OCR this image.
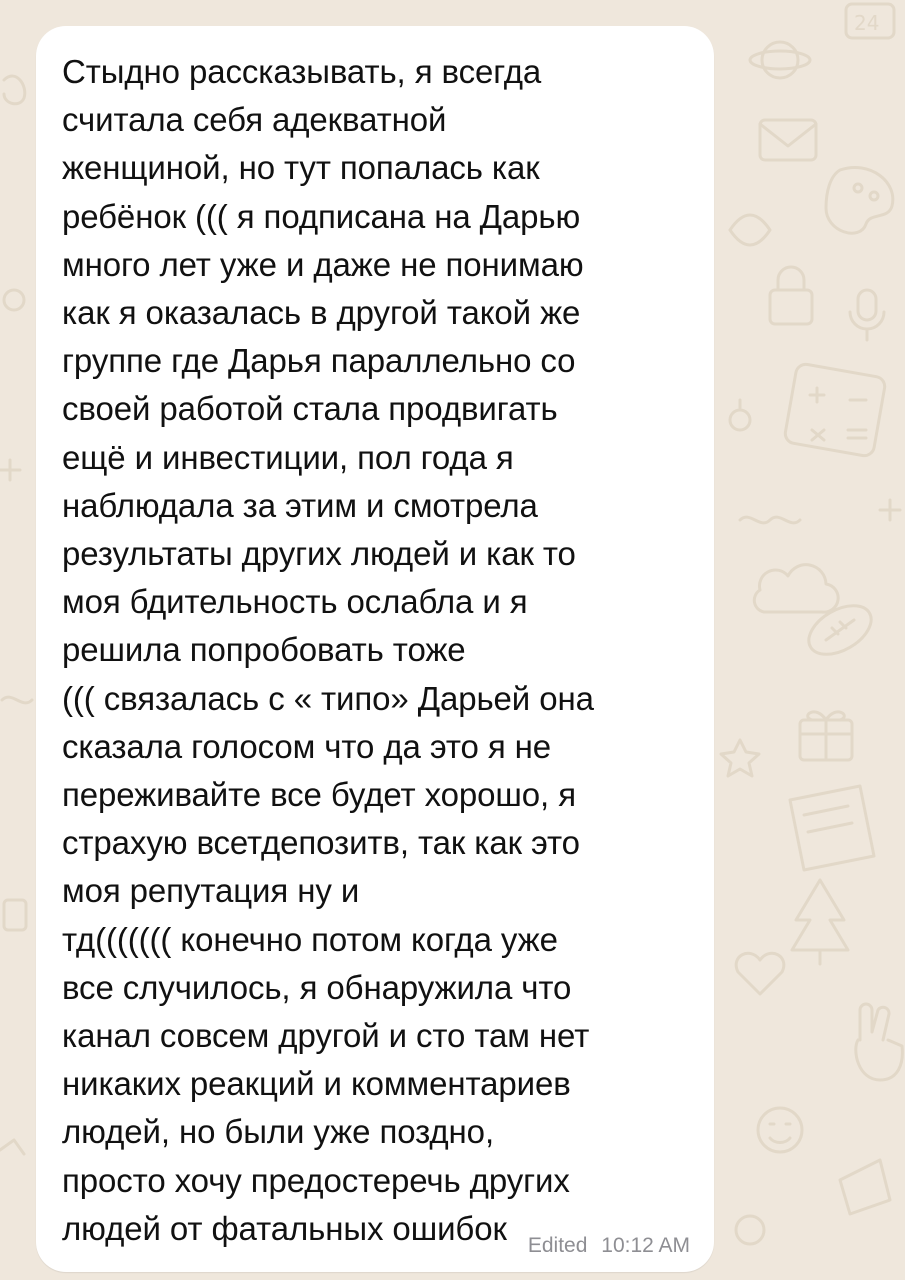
24
Стыдно рассказывать, я всегда
считала себя адекватной
женщиной, но тут попалась как
ребёнок ((( я подписана на Дарью
много лет уже и даже не понимаю
как я оказалась в другой такой же
группе где Дарья параллельно со
своей работой стала продвигать
ещё и инвестиции, пол года я
наблюдала за этим и смотрела
результаты других людей и как то
моя бдительность ослабла и я
решила попробовать тоже
((( связалась с « типо» Дарьей она
сказала голосом что да это я не
переживайте все будет хорошо, я
страхую всетдепозитв, так как это
моя репутация ну и
тд((((((( конечно потом когда уже
все случилось, я обнаружила что
канал совсем другой и сто там нет
никаких реакций и комментариев
людей, но были уже поздно,
просто хочу предостеречь других
людей от фатальных ошибок	Edited 10:12 AM
